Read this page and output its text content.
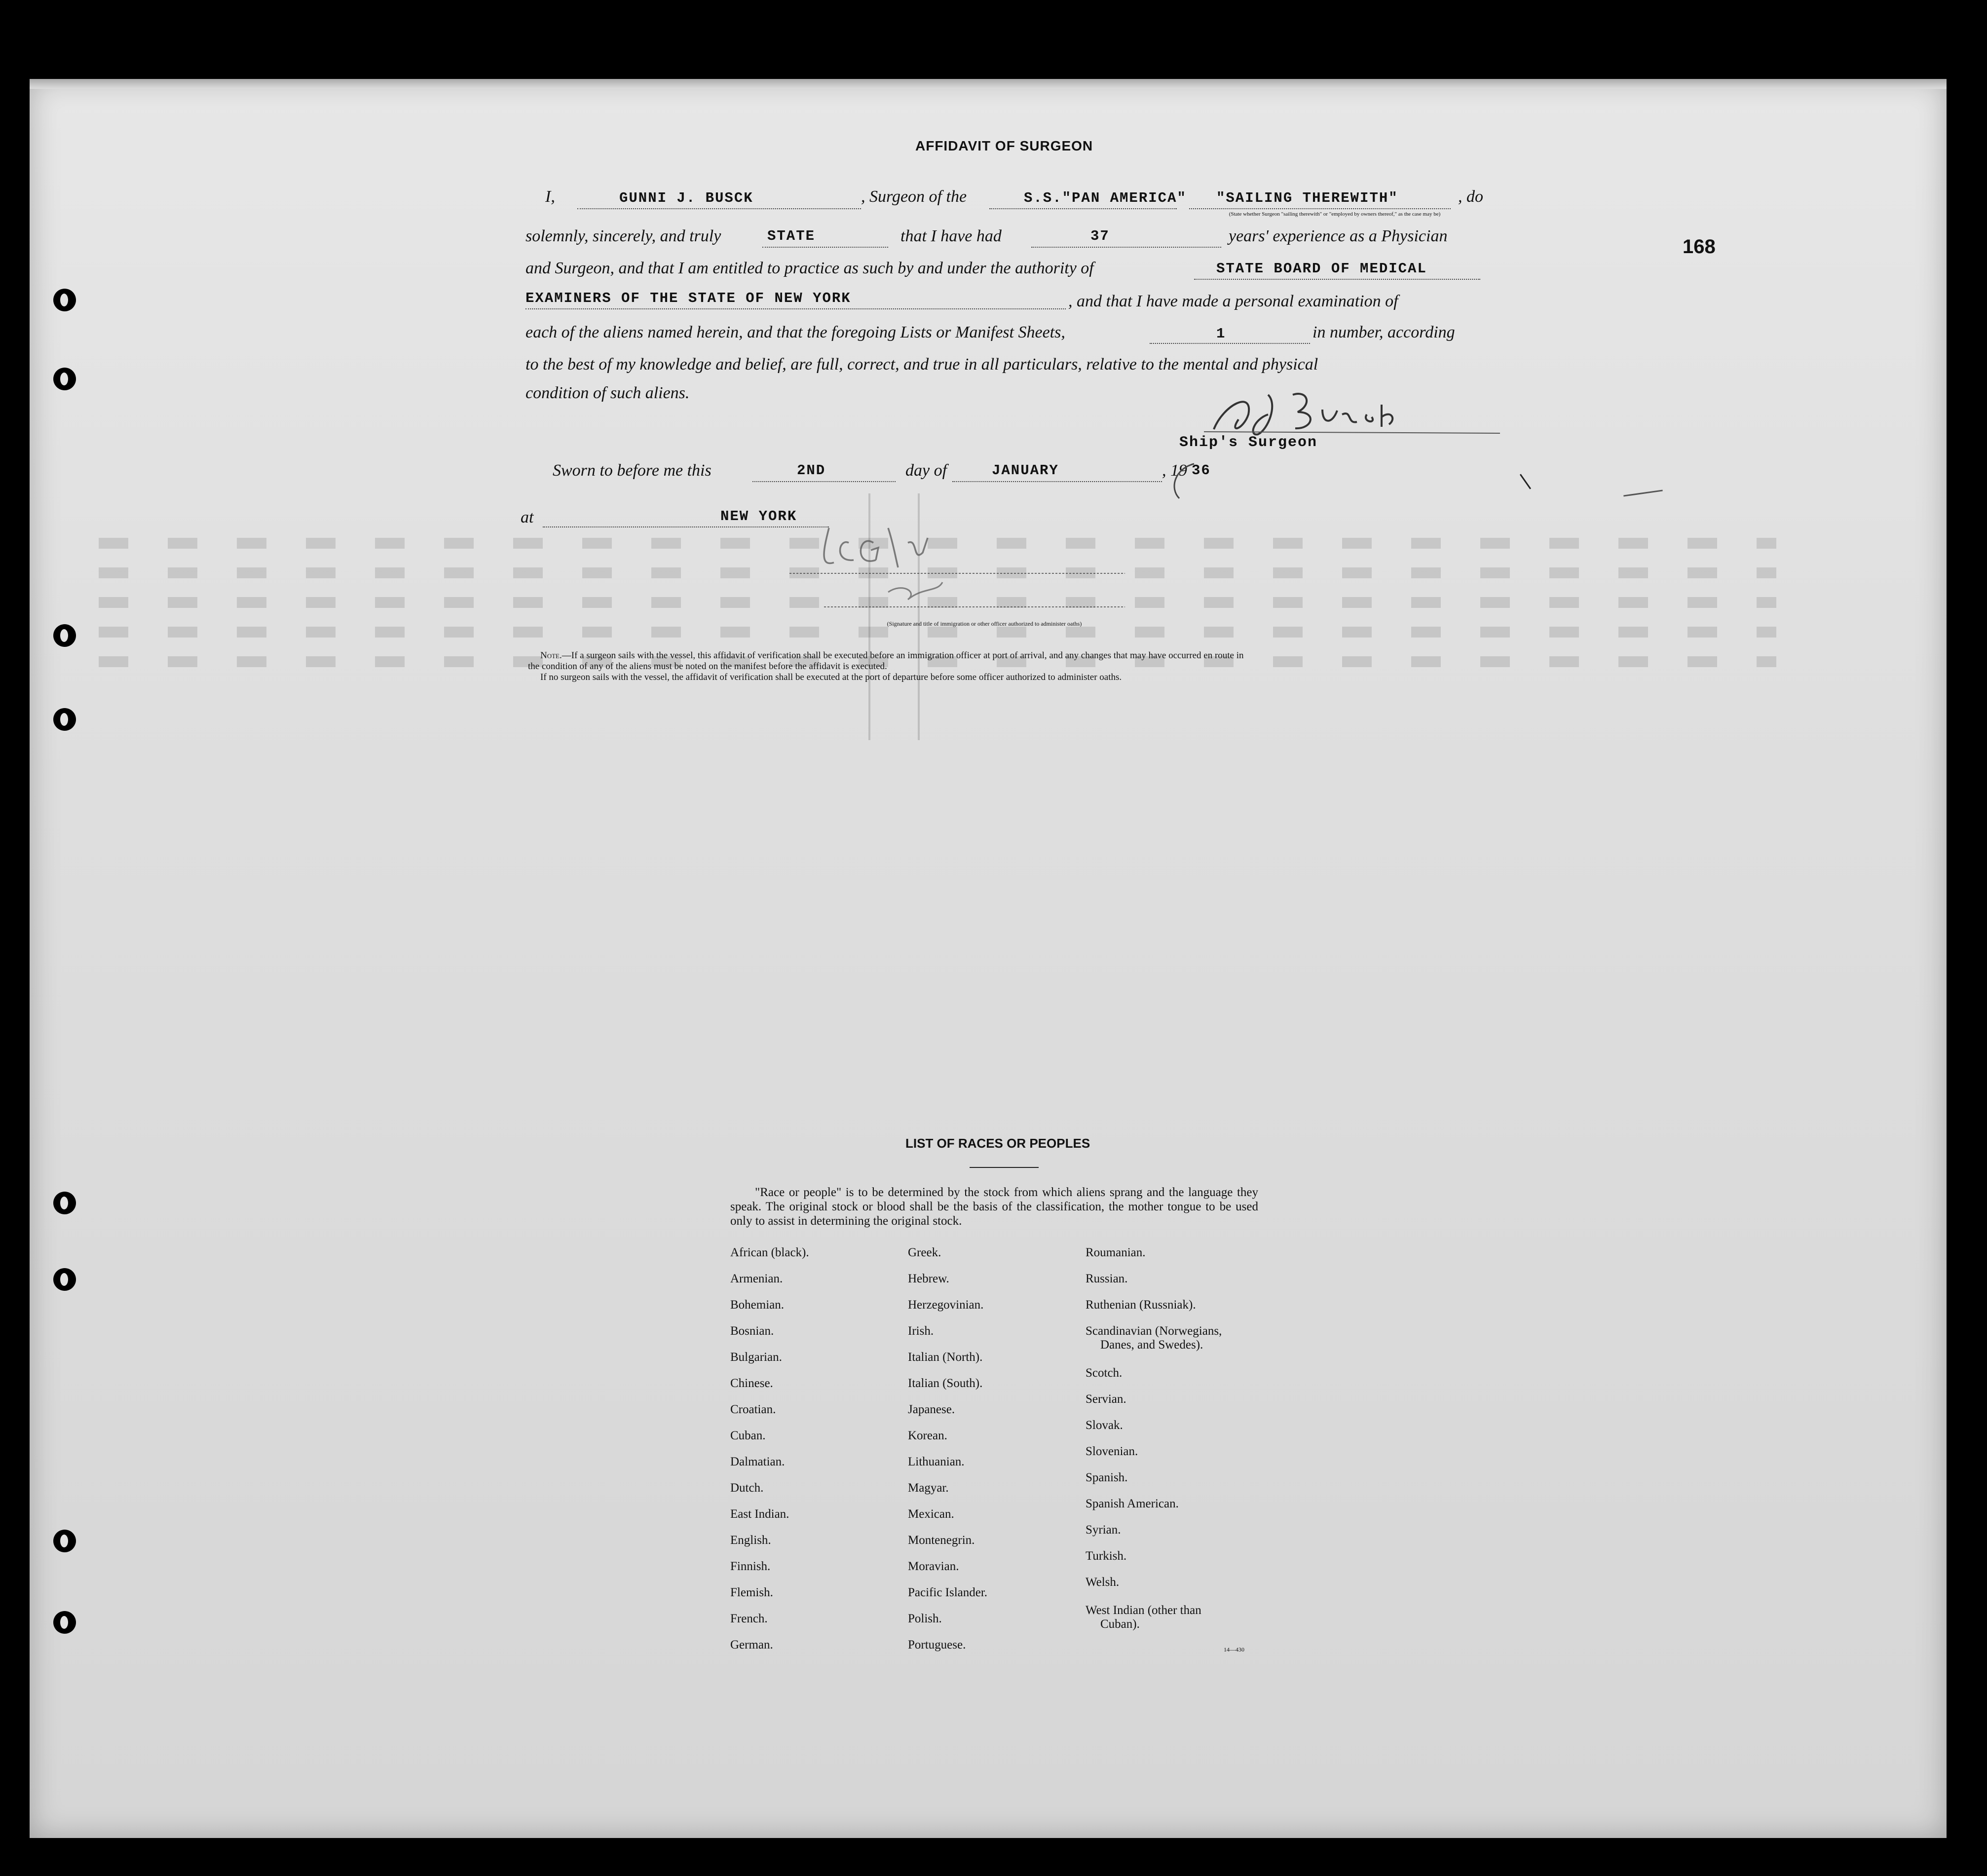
168
AFFIDAVIT OF SURGEON
I,	GUNNI J. BUSCK	, Surgeon of the	S.S."PAN AMERICA" "SAILING THEREWITH"	, do
(State whether Surgeon "sailing therewith" or "employed by owners thereof," as the case may be)
solemnly, sincerely, and truly	STATE	that I have had	37	years' experience as a Physician
and Surgeon, and that I am entitled to practice as such by and under the authority of	STATE BOARD OF MEDICAL
EXAMINERS OF THE STATE OF NEW YORK	, and that I have made a personal examination of
each of the aliens named herein, and that the foregoing Lists or Manifest Sheets,	1	in number, according
to the best of my knowledge and belief, are full, correct, and true in all particulars, relative to the mental and physical
condition of such aliens.
Ship's Surgeon
Sworn to before me this	2ND	day of	JANUARY	, 19 36
at	NEW YORK
(Signature and title of immigration or other officer authorized to administer oaths)
Note.—If a surgeon sails with the vessel, this affidavit of verification shall be executed before an immigration officer at port of arrival, and any changes that may have occurred en route in
the condition of any of the aliens must be noted on the manifest before the affidavit is executed.
If no surgeon sails with the vessel, the affidavit of verification shall be executed at the port of departure before some officer authorized to administer oaths.
LIST OF RACES OR PEOPLES
"Race or people" is to be determined by the stock from which aliens sprang and the language they speak. The original stock or blood shall be the basis of the classification, the mother tongue to be used only to assist in determining the original stock.
African (black).
Armenian.
Bohemian.
Bosnian.
Bulgarian.
Chinese.
Croatian.
Cuban.
Dalmatian.
Dutch.
East Indian.
English.
Finnish.
Flemish.
French.
German.
Greek.
Hebrew.
Herzegovinian.
Irish.
Italian (North).
Italian (South).
Japanese.
Korean.
Lithuanian.
Magyar.
Mexican.
Montenegrin.
Moravian.
Pacific Islander.
Polish.
Portuguese.
Roumanian.
Russian.
Ruthenian (Russniak).
Scandinavian (Norwegians,
Danes, and Swedes).
Scotch.
Servian.
Slovak.
Slovenian.
Spanish.
Spanish American.
Syrian.
Turkish.
Welsh.
West Indian (other than
Cuban).
14—430
